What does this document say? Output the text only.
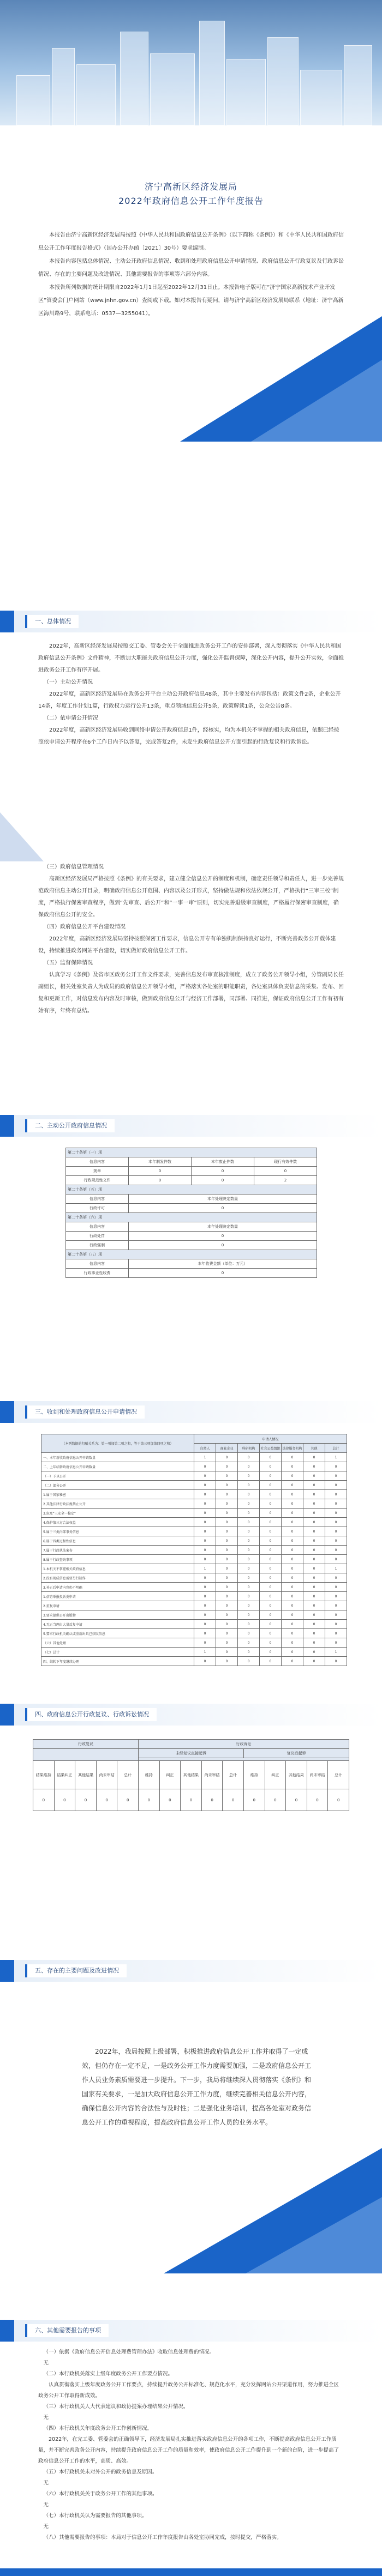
济宁高新区经济发展局
2022年政府信息公开工作年度报告

本报告由济宁高新区经济发展局按照《中华人民共和国政府信息公开条例》（以下简称《条例》）和《中华人民共和国政府信息公开工作年度报告格式》（国办公开办函〔2021〕30号）要求编制。

本报告内容包括总体情况、主动公开政府信息情况、收到和处理政府信息公开申请情况、政府信息公开行政复议及行政诉讼情况、存在的主要问题及改进情况、其他需要报告的事项等六部分内容。

本报告所列数据的统计期限自2022年1月1日起至2022年12月31日止。本报告电子版可在“济宁国家高新技术产业开发区”管委会门户网站（www.jnhn.gov.cn）查阅或下载。如对本报告有疑问，请与济宁高新区经济发展局联系（地址：济宁高新区海川路9号，联系电话：0537—3255041）。

一、总体情况

2022年，高新区经济发展局按照交工委、管委会关于全面推进政务公开工作的安排部署，深入贯彻落实《中华人民共和国政府信息公开条例》文件精神，不断加大职能关政府信息公开力度，强化公开监督保障，深化公开内容，提升公开实效，全面推进政务公开工作有序开展。

（一）主动公开情况

2022年度，高新区经济发展局在政务公开平台主动公开政府信息48条，其中主要发布内容包括：政策文件2条，企业公开14条，年度工作计划1篇，行政权力运行公开13条，重点领域信息公开5条，政策解读1条，公众公告8条。

（二）依申请公开情况

2022年度，高新区经济发展局收到网络申请公开政府信息1件，经核实，均为本机关不掌握的相关政府信息，依照已经按照依申请公开程序在6个工作日内予以答复，完成答复2件，未发生政府信息公开方面引起的行政复议和行政诉讼。

（三）政府信息管理情况

高新区经济发展局严格按照《条例》的有关要求，建立健全信息公开的制度和机制，确定责任领导和责任人，进一步完善规范政府信息主动公开目录，明确政府信息公开范围、内容以及公开形式，坚持做法规和依法依规公开，严格执行“三审三校”制度，严格执行保密审查程序，做到“先审查、后公开”和“一事一审”原则，切实完善退级审查制度，严格履行保密审查制度，确保政府信息公开的安全。

（四）政府信息公开平台建设情况

2022年度，高新区经济发展局坚持按照保密工作要求，信息公开专有单独机制保持良好运行，不断完善政务公开载体建设，持续推进政务网站平台建设，切实做好政府信息公开工作。

（五）监督保障情况

认真学习《条例》及省市区政务公开工作文件要求，完善信息发布审查核准制度，成立了政务公开领导小组，分管副局长任副组长，相关处室负责人为成员的政府信息公开领导小组，严格落实各处室的职能职责，各处室具体负责信息的采集、发布、回复和更新工作，对信息发布内容及时审核，做到政府信息公开与经济工作部署，同部署、同推进，保证政府信息公开工作有初有始有序，年终有总结。

二、主动公开政府信息情况
第二十条第（一）项			
信息内容	本年制发件数	本年废止件数	现行有效件数
规章	0	0	0
行政规范性文件	0	0	2
第二十条第（五）项			
信息内容	本年处理决定数量		
行政许可	0		
第二十条第（六）项			
信息内容	本年处理决定数量		
行政处罚	0		
行政强制	0		
第二十条第（八）项			
信息内容	本年收费金额（单位：万元）		
行政事业性收费	0		
三、收到和处理政府信息公开申请情况
（本列数据的勾稽关系为：第一项加第二项之和，等于第三项加第四项之和）	申请人情况						
	自然人	商业企业	科研机构	社会公益组织	法律服务机构	其他	总计
一、本年新收政府信息公开申请数量	1	0	0	0	0	0	1
二、上年结转政府信息公开申请数量	0	0	0	0	0	0	0
（一）予以公开	0	0	0	0	0	0	0
（二）部分公开	0	0	0	0	0	0	0
1.属于国家秘密	0	0	0	0	0	0	0
2.其他法律行政法规禁止公开	0	0	0	0	0	0	0
3.危及“三安全一稳定”	0	0	0	0	0	0	0
4.保护第三方合法权益	0	0	0	0	0	0	0
5.属于三类内部事务信息	0	0	0	0	0	0	0
6.属于四类过程性信息	0	0	0	0	0	0	0
7.属于行政执法案卷	0	0	0	0	0	0	0
8.属于行政查询事项	0	0	0	0	0	0	0
1.本机关不掌握相关政府信息	1	0	0	0	0	0	1
2.没有现成信息需要另行制作	0	0	0	0	0	0	0
3.补正后申请内容仍不明确	0	0	0	0	0	0	0
1.信访举报投诉类申请	0	0	0	0	0	0	0
2.重复申请	0	0	0	0	0	0	0
3.要求提供公开出版物	0	0	0	0	0	0	0
4.无正当理由大量反复申请	0	0	0	0	0	0	0
5.要求行政机关确认或重新出具已获取信息	0	0	0	0	0	0	0
（六）其他处理	0	0	0	0	0	0	0
（七）总计	1	0	0	0	0	0	1
四、结转下年度继续办理	0	0	0	0	0	0	0
四、政府信息公开行政复议、行政诉讼情况
行政复议					行政诉讼									
					未经复议直接起诉					复议后起诉				

结果维持	结果纠正	其他结果	尚未审结	总计	维持	纠正	其他结果	尚未审结	总计	维持	纠正	其他结果	尚未审结	总计
0	0	0	0	0	0	0	0	0	0	0	0	0	0	0
五、存在的主要问题及改进情况

2022年，我局按照上级部署，积极推进政府信息公开工作并取得了一定成效，但仍存在一定不足，一是政务公开工作力度需要加强，二是政府信息公开工作人员业务素质需要进一步提升。下一步，我局将继续深入贯彻落实《条例》和国家有关要求，一是加大政府信息公开工作力度，继续完善相关信息公开内容，确保信息公开内容的合法性与及时性；二是强化业务培训，提高各处室对政务信息公开工作的重视程度，提高政府信息公开工作人员的业务水平。

六、其他需要报告的事项

（一）依据《政府信息公开信息处理费管理办法》收取信息处理费的情况。

无

（二）本行政机关落实上级年度政务公开工作要点情况。

认真贯彻落实上级年度政务公开工作要点，持续提升政务公开标准化、规范化水平，充分发挥网站公开渠道作用，努力推进全区政务公开工作取得新成效。

（三）本行政机关人大代表建议和政协提案办理结果公开情况。

无

（四）本行政机关年度政务公开工作创新情况。

2022年，在完工委、管委会的正确领导下，经济发展局扎实推进落实政府信息公开的各项工作，不断提高政府信息公开工作质量，并不断完善政务公开内容，持续提升政府信息公开工作的质量和效率，使政府信息公开工作提升到一个新的台阶，进一步提高了政府信息公开工作的水平，高质、高效。

（五）本行政机关未对外公开的政务信息及原因。

无

（六）本行政机关关于政务公开工作的其他事项。

无

（七）本行政机关认为需要报告的其他事项。

无

（八）其他需要报告的事项：本局对于信息公开工作年度报告由各处室协同完成，按时提交，严格落实。
